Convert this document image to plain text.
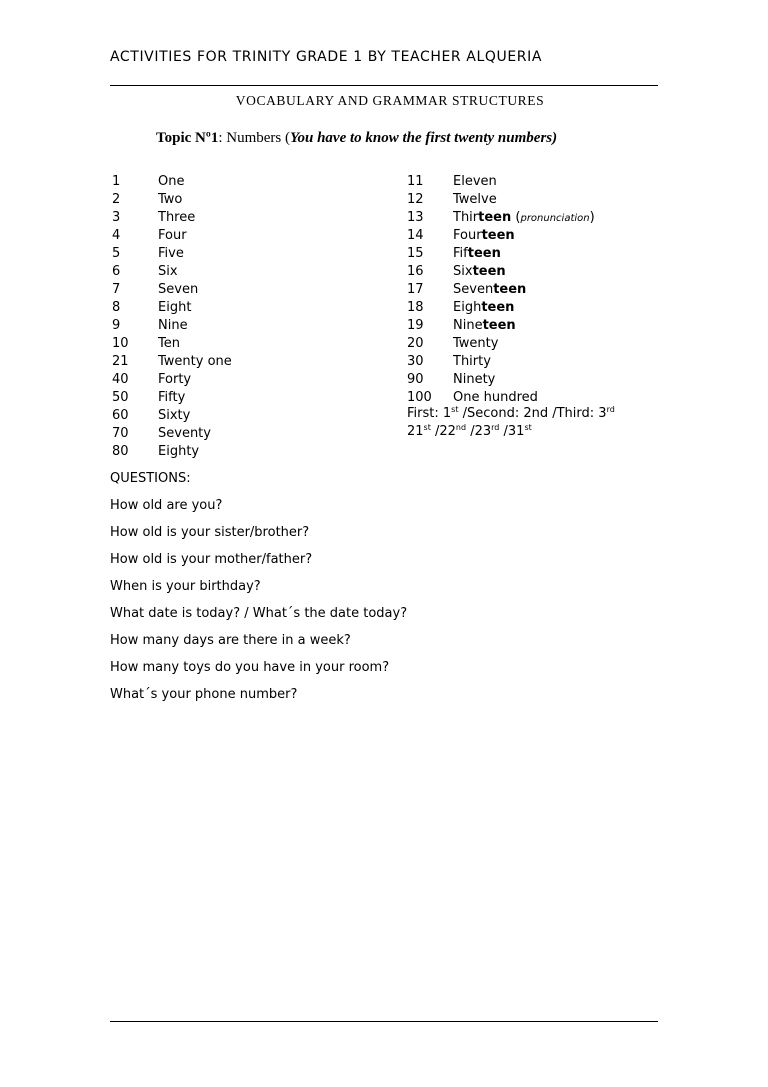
ACTIVITIES FOR TRINITY GRADE 1 BY TEACHER ALQUERIA
VOCABULARY AND GRAMMAR STRUCTURES
Topic Nº1: Numbers (You have to know the first twenty numbers)
1	One
2	Two
3	Three
4	Four
5	Five
6	Six
7	Seven
8	Eight
9	Nine
10 Ten
21 Twenty one
40 Forty
50 Fifty
60 Sixty
70 Seventy
80 Eighty
11 Eleven
12 Twelve
13 Thirteen (pronunciation)
14 Fourteen
15 Fifteen
16 Sixteen
17 Seventeen
18 Eighteen
19 Nineteen
20 Twenty
30 Thirty
90 Ninety
100 One hundred
First: 1st /Second: 2nd /Third: 3rd
21st /22nd /23rd /31st
QUESTIONS:
How old are you?
How old is your sister/brother?
How old is your mother/father?
When is your birthday?
What date is today? / What´s the date today?
How many days are there in a week?
How many toys do you have in your room?
What´s your phone number?
